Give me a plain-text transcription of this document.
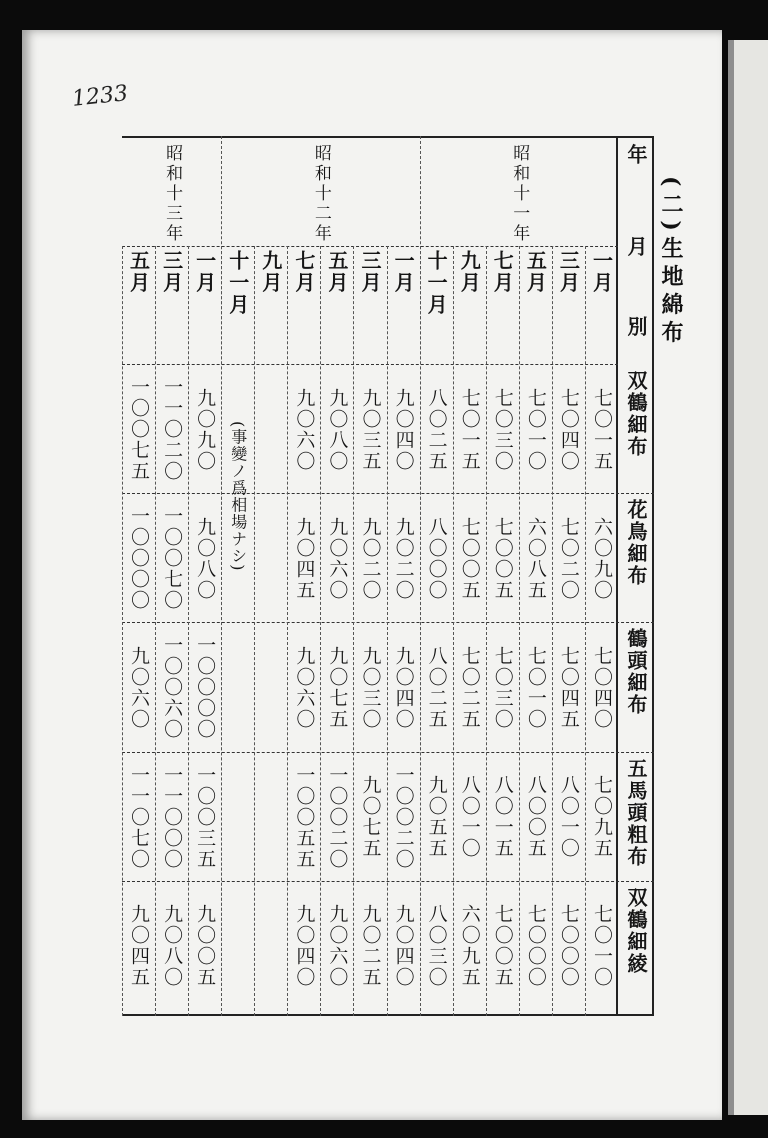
1233
(二)生地綿布
年
月
別
双鶴細布
花鳥細布
鶴頭細布
五馬頭粗布
双鶴細綾
昭和十一年
昭和十二年
昭和十三年
一月
七〇一五
六〇九〇
七〇四〇
七〇九五
七〇一〇
三月
七〇四〇
七〇二〇
七〇四五
八〇一〇
七〇〇〇
五月
七〇一〇
六〇八五
七〇一〇
八〇〇五
七〇〇〇
七月
七〇三〇
七〇〇五
七〇三〇
八〇一五
七〇〇五
九月
七〇一五
七〇〇五
七〇二五
八〇一〇
六〇九五
十一月
八〇二五
八〇〇〇
八〇二五
九〇五五
八〇三〇
一月
九〇四〇
九〇二〇
九〇四〇
一〇〇二〇
九〇四〇
三月
九〇三五
九〇二〇
九〇三〇
九〇七五
九〇二五
五月
九〇八〇
九〇六〇
九〇七五
一〇〇二〇
九〇六〇
七月
九〇六〇
九〇四五
九〇六〇
一〇〇五五
九〇四〇
九月
十一月
一月
九〇九〇
九〇八〇
一〇〇〇〇
一〇〇三五
九〇〇五
三月
一一〇二〇
一〇〇七〇
一〇〇六〇
一一〇〇〇
九〇八〇
五月
一〇〇七五
一〇〇〇〇
九〇六〇
一一〇七〇
九〇四五
(事變ノ爲相場ナシ)
